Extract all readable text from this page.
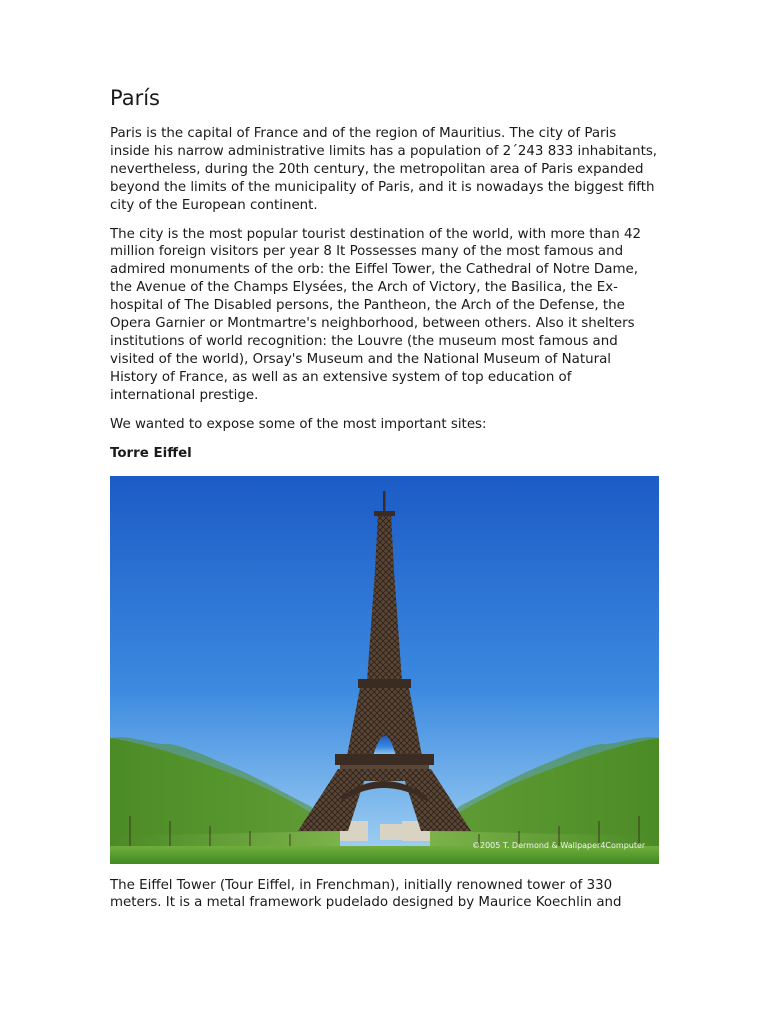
París

Paris is the capital of France and of the region of Mauritius. The city of Paris inside his narrow administrative limits has a population of 2´243 833 inhabitants, nevertheless, during the 20th century, the metropolitan area of Paris expanded beyond the limits of the municipality of Paris, and it is nowadays the biggest fifth city of the European continent.

The city is the most popular tourist destination of the world, with more than 42 million foreign visitors per year 8 It Possesses many of the most famous and admired monuments of the orb: the Eiffel Tower, the Cathedral of Notre Dame, the Avenue of the Champs Elysées, the Arch of Victory, the Basilica, the Ex-hospital of The Disabled persons, the Pantheon, the Arch of the Defense, the Opera Garnier or Montmartre's neighborhood, between others. Also it shelters institutions of world recognition: the Louvre (the museum most famous and visited of the world), Orsay's Museum and the National Museum of Natural History of France, as well as an extensive system of top education of international prestige.

We wanted to expose some of the most important sites:

Torre Eiffel
©2005 T. Dermond & Wallpaper4Computer

The Eiffel Tower (Tour Eiffel, in Frenchman), initially renowned tower of 330 meters. It is a metal framework pudelado designed by Maurice Koechlin and
